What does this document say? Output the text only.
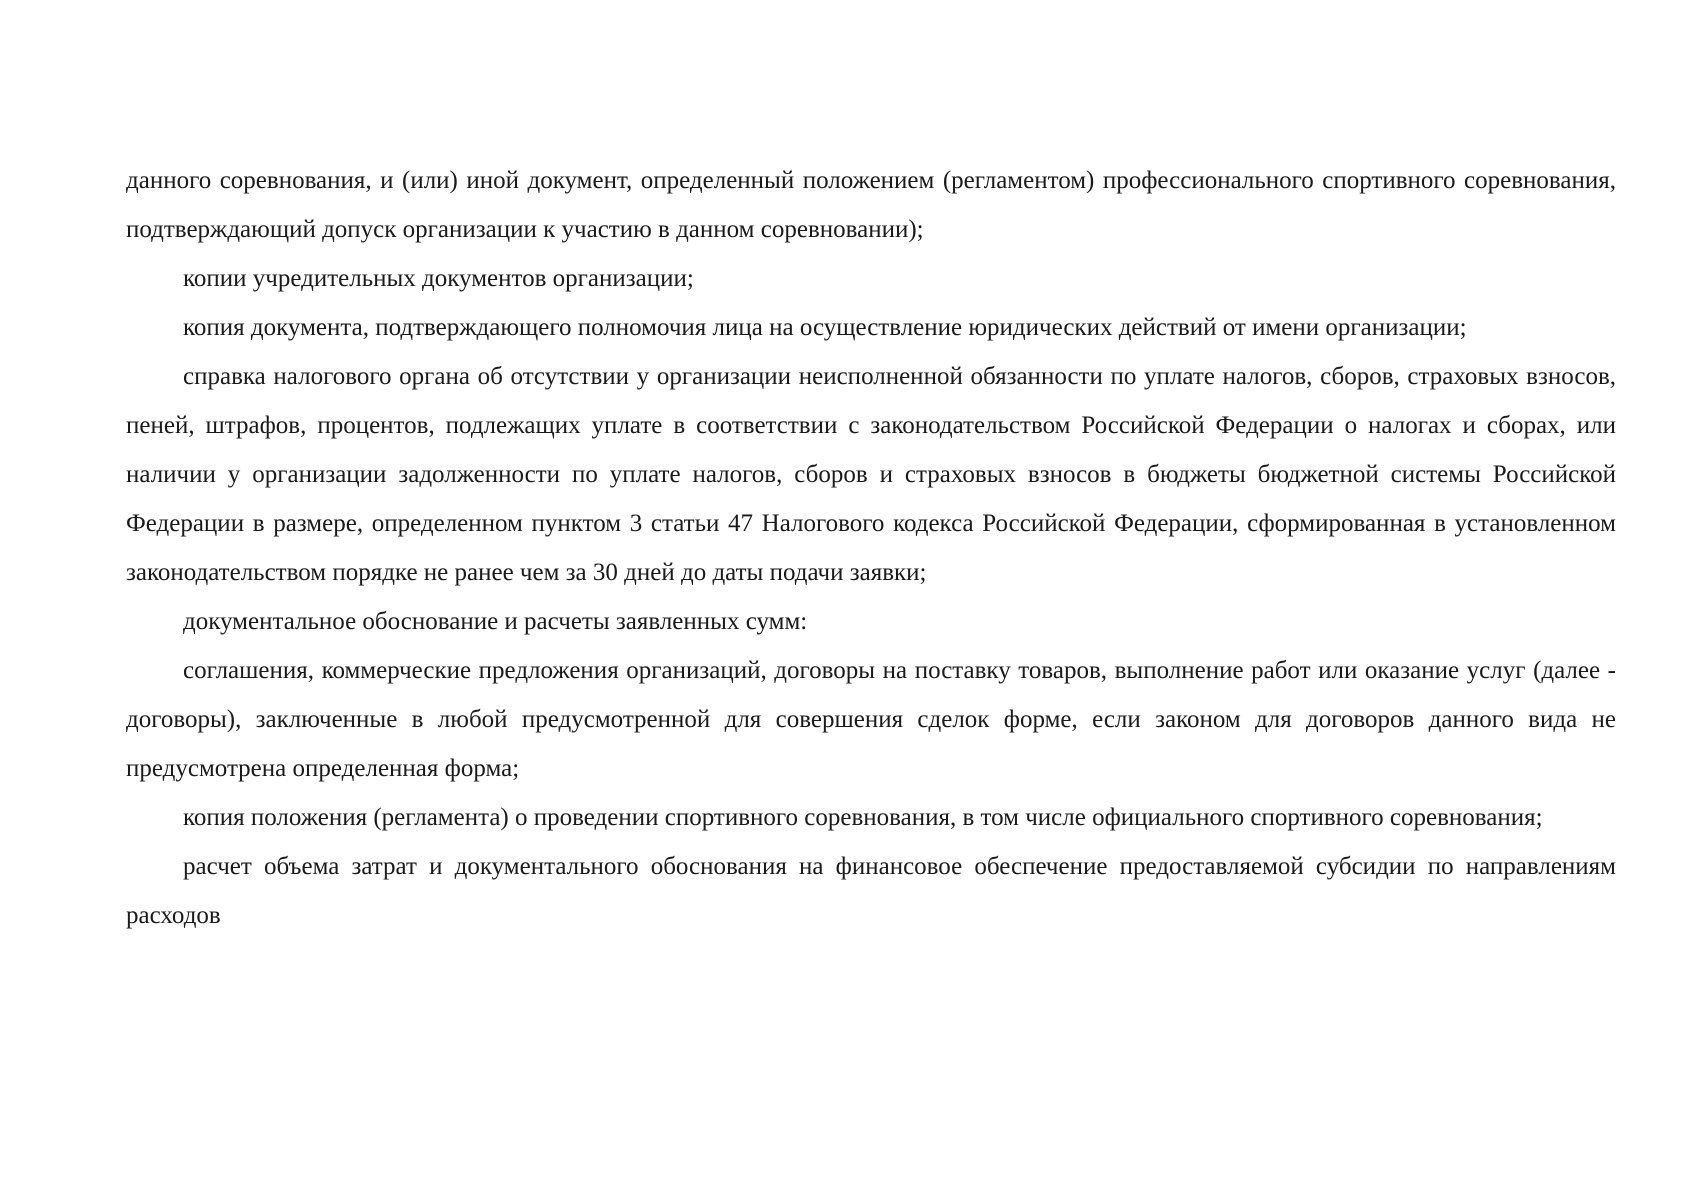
данного соревнования, и (или) иной документ, определенный положением (регламентом) профессионального спортивного соревнования, подтверждающий допуск организации к участию в данном соревновании);

копии учредительных документов организации;

копия документа, подтверждающего полномочия лица на осуществление юридических действий от имени организации;

справка налогового органа об отсутствии у организации неисполненной обязанности по уплате налогов, сборов, страховых взносов, пеней, штрафов, процентов, подлежащих уплате в соответствии с законодательством Российской Федерации о налогах и сборах, или наличии у организации задолженности по уплате налогов, сборов и страховых взносов в бюджеты бюджетной системы Российской Федерации в размере, определенном пунктом 3 статьи 47 Налогового кодекса Российской Федерации, сформированная в установленном законодательством порядке не ранее чем за 30 дней до даты подачи заявки;

документальное обоснование и расчеты заявленных сумм:

соглашения, коммерческие предложения организаций, договоры на поставку товаров, выполнение работ или оказание услуг (далее - договоры), заключенные в любой предусмотренной для совершения сделок форме, если законом для договоров данного вида не предусмотрена определенная форма;

копия положения (регламента) о проведении спортивного соревнования, в том числе официального спортивного соревнования;

расчет объема затрат и документального обоснования на финансовое обеспечение предоставляемой субсидии по направлениям расходов
